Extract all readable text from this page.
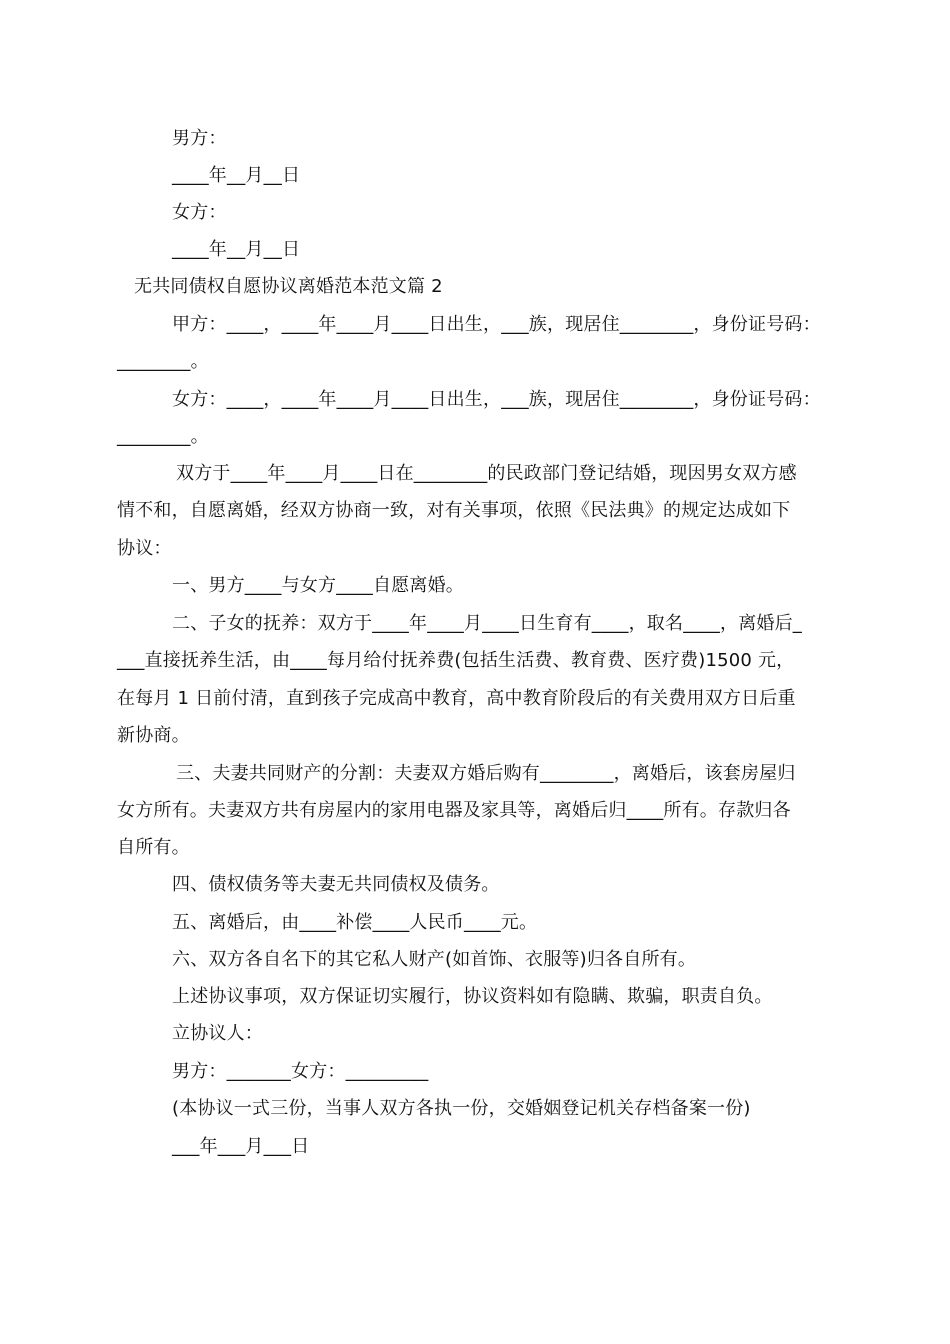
男方：
____年__月__日
女方：
____年__月__日
无共同债权自愿协议离婚范本范文篇 2
甲方：____，____年____月____日出生，___族，现居住________，身份证号码：
________。
女方：____，____年____月____日出生，___族，现居住________，身份证号码：
________。
双方于____年____月____日在________的民政部门登记结婚，现因男女双方感
情不和，自愿离婚，经双方协商一致，对有关事项，依照《民法典》的规定达成如下
协议：
一、男方____与女方____自愿离婚。
二、子女的抚养：双方于____年____月____日生育有____，取名____，离婚后_
___直接抚养生活，由____每月给付抚养费(包括生活费、教育费、医疗费)1500 元，
在每月 1 日前付清，直到孩子完成高中教育，高中教育阶段后的有关费用双方日后重
新协商。
三、夫妻共同财产的分割：夫妻双方婚后购有________，离婚后，该套房屋归
女方所有。夫妻双方共有房屋内的家用电器及家具等，离婚后归____所有。存款归各
自所有。
四、债权债务等夫妻无共同债权及债务。
五、离婚后，由____补偿____人民币____元。
六、双方各自名下的其它私人财产(如首饰、衣服等)归各自所有。
上述协议事项，双方保证切实履行，协议资料如有隐瞒、欺骗，职责自负。
立协议人：
男方：_______女方：_________
(本协议一式三份，当事人双方各执一份，交婚姻登记机关存档备案一份)
___年___月___日
